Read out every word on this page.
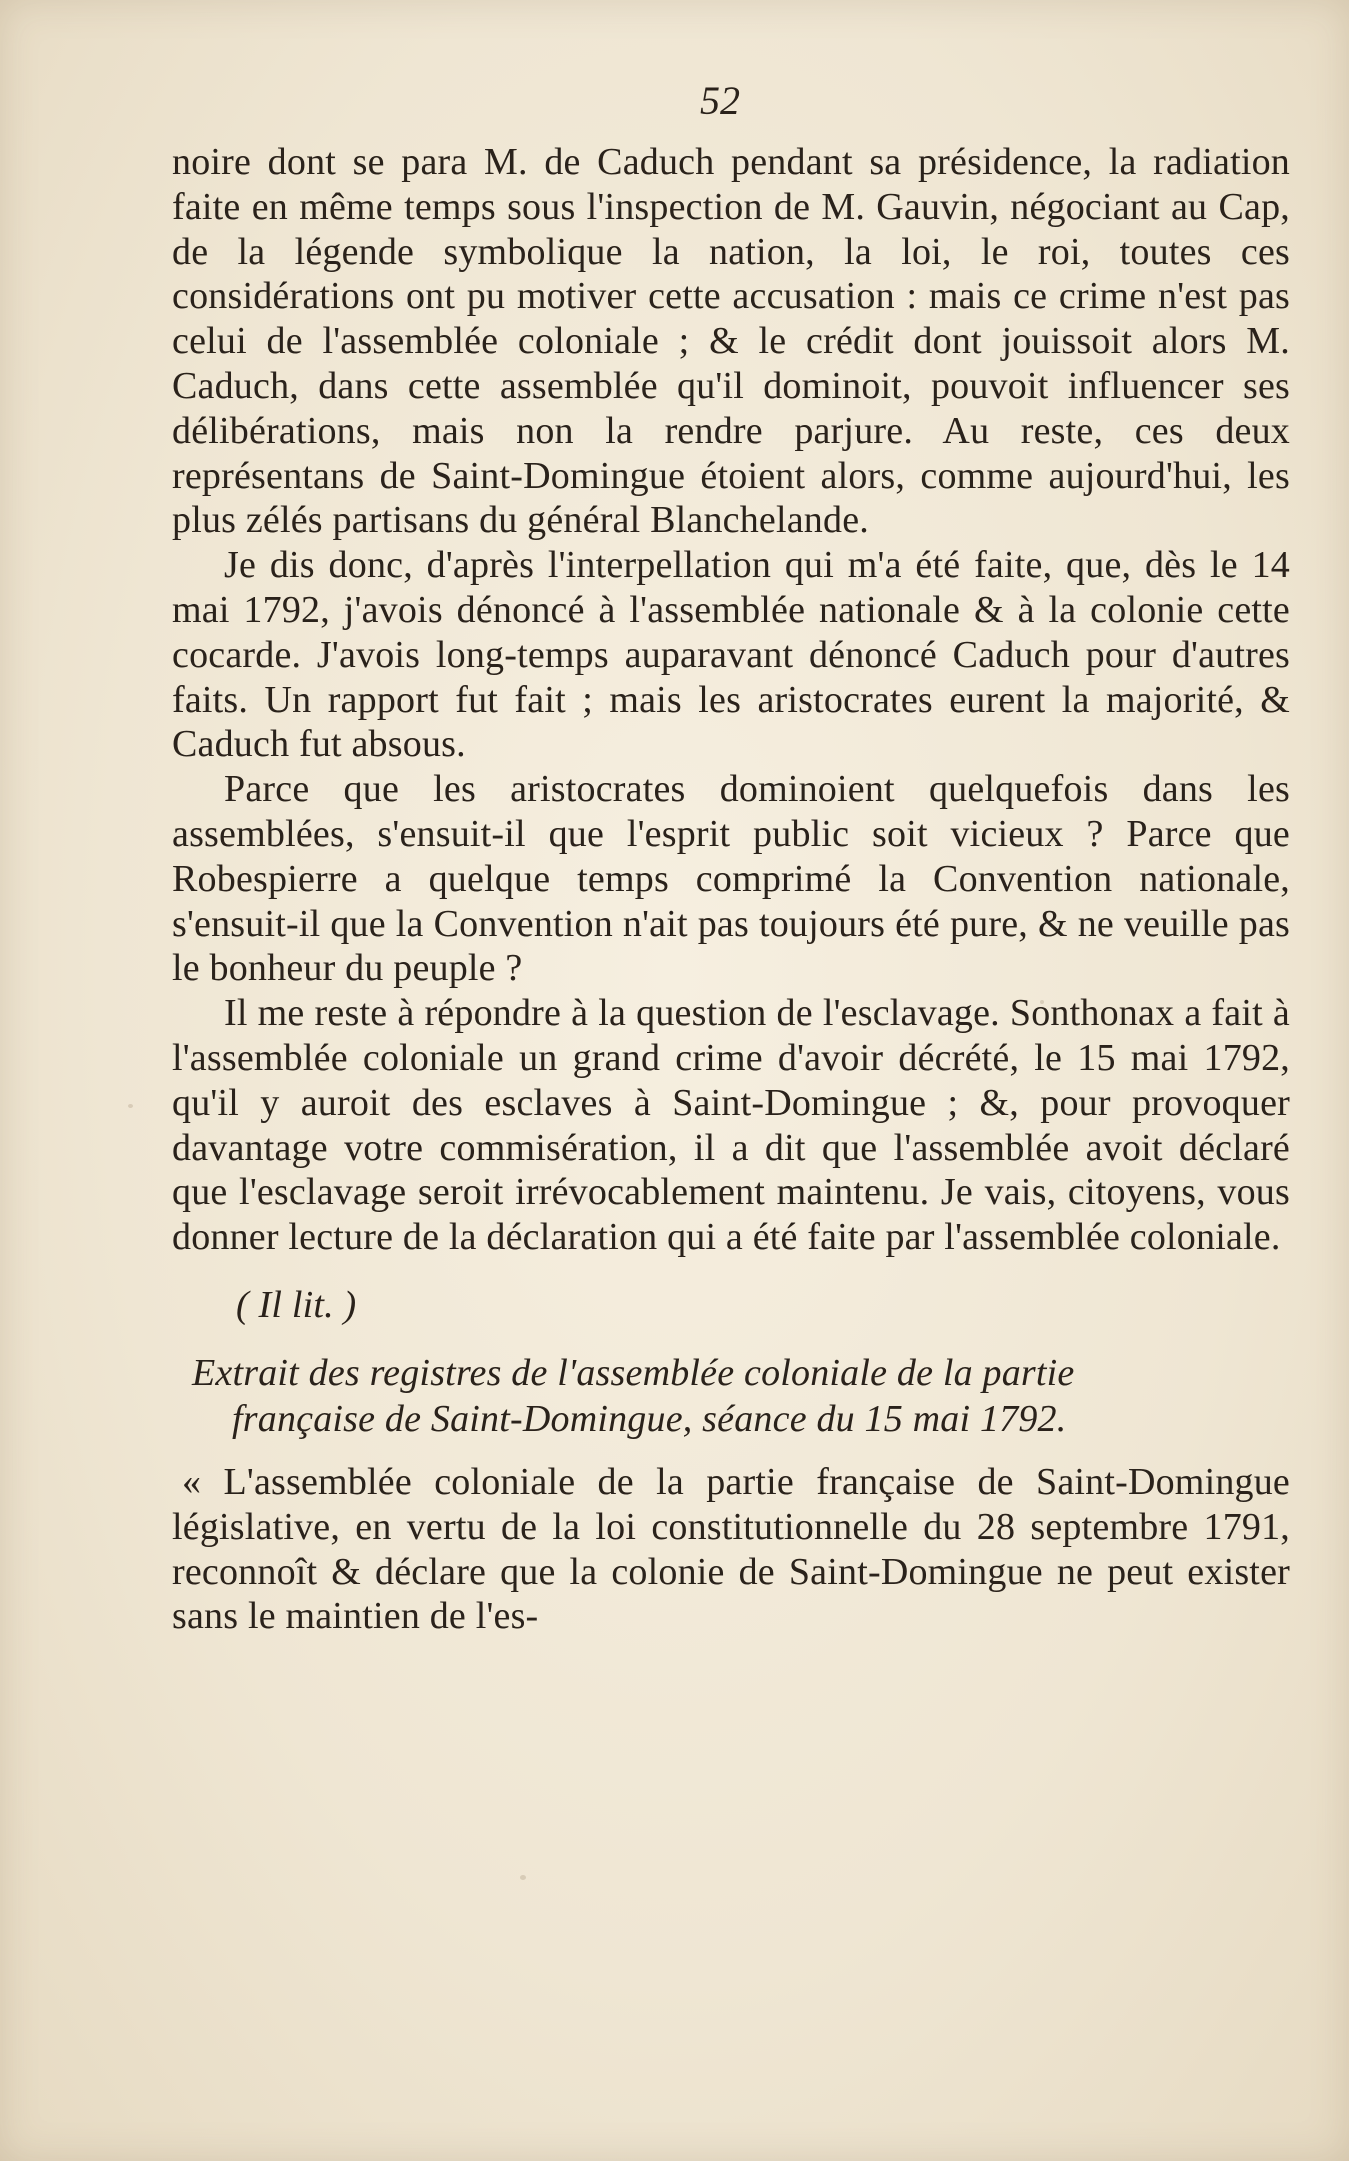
52

noire dont se para M. de Caduch pendant sa présidence, la radiation faite en même temps sous l'inspection de M. Gauvin, négociant au Cap, de la légende symbolique la nation, la loi, le roi, toutes ces considérations ont pu motiver cette accusation : mais ce crime n'est pas celui de l'assemblée coloniale ; & le crédit dont jouissoit alors M. Caduch, dans cette assemblée qu'il dominoit, pouvoit influencer ses délibérations, mais non la rendre parjure. Au reste, ces deux représentans de Saint-Domingue étoient alors, comme aujourd'hui, les plus zélés partisans du général Blanchelande.

Je dis donc, d'après l'interpellation qui m'a été faite, que, dès le 14 mai 1792, j'avois dénoncé à l'assemblée nationale & à la colonie cette cocarde. J'avois long-temps auparavant dénoncé Caduch pour d'autres faits. Un rapport fut fait ; mais les aristocrates eurent la majorité, & Caduch fut absous.

Parce que les aristocrates dominoient quelquefois dans les assemblées, s'ensuit-il que l'esprit public soit vicieux ? Parce que Robespierre a quelque temps comprimé la Convention nationale, s'ensuit-il que la Convention n'ait pas toujours été pure, & ne veuille pas le bonheur du peuple ?

Il me reste à répondre à la question de l'esclavage. Sonthonax a fait à l'assemblée coloniale un grand crime d'avoir décrété, le 15 mai 1792, qu'il y auroit des esclaves à Saint-Domingue ; &, pour provoquer davantage votre commisération, il a dit que l'assemblée avoit déclaré que l'esclavage seroit irrévocablement maintenu. Je vais, citoyens, vous donner lecture de la déclaration qui a été faite par l'assemblée coloniale.

( Il lit. )

Extrait des registres de l'assemblée coloniale de la partie
française de Saint-Domingue, séance du 15 mai 1792.

« L'assemblée coloniale de la partie française de Saint-Domingue législative, en vertu de la loi constitutionnelle du 28 septembre 1791, reconnoît & déclare que la colonie de Saint-Domingue ne peut exister sans le maintien de l'es-
